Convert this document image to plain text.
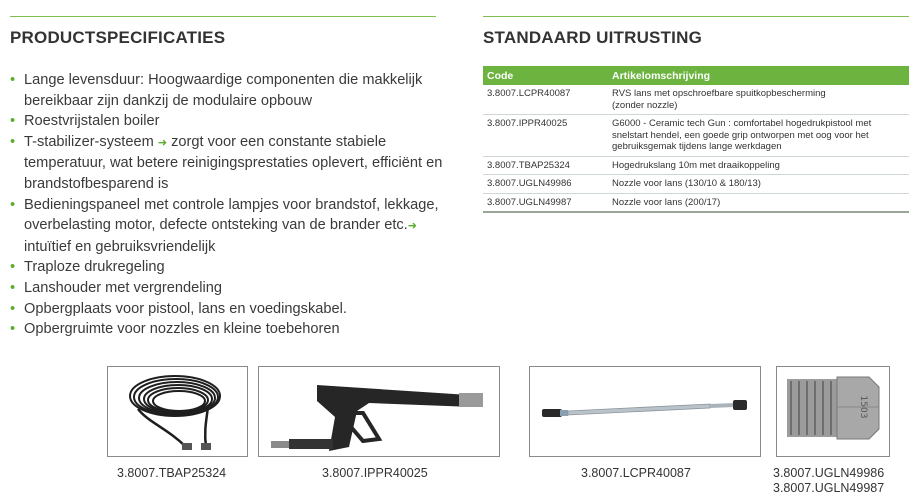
PRODUCTSPECIFICATIES	STANDAARD UITRUSTING
• Lange levensduur: Hoogwaardige componenten die makkelijk bereikbaar zijn dankzij de modulaire opbouw
• Roestvrijstalen boiler
• T-stabilizer-systeem ➜ zorgt voor een constante stabiele temperatuur, wat betere reinigingsprestaties oplevert, efficiënt en brandstofbesparend is
• Bedieningspaneel met controle lampjes voor brandstof, lekkage, overbelasting motor, defecte ontsteking van de brander etc.➜ intuïtief en gebruiksvriendelijk
• Traploze drukregeling
• Lanshouder met vergrendeling
• Opbergplaats voor pistool, lans en voedingskabel.
• Opbergruimte voor nozzles en kleine toebehoren
Code	Artikelomschrijving
3.8007.LCPR40087	RVS lans met opschroefbare spuitkopbescherming
(zonder nozzle)

3.8007.IPPR40025	G6000 - Ceramic tech Gun : comfortabel hogedrukpistool met
snelstart hendel, een goede grip ontworpen met oog voor het
gebruiksgemak tijdens lange werkdagen

3.8007.TBAP25324	Hogedrukslang 10m met draaikoppeling

3.8007.UGLN49986	Nozzle voor lans (130/10 & 180/13)

3.8007.UGLN49987	Nozzle voor lans (200/17)
3.8007.TBAP25324	3.8007.IPPR40025	3.8007.LCPR40087
1503
3.8007.UGLN49986
3.8007.UGLN49987
